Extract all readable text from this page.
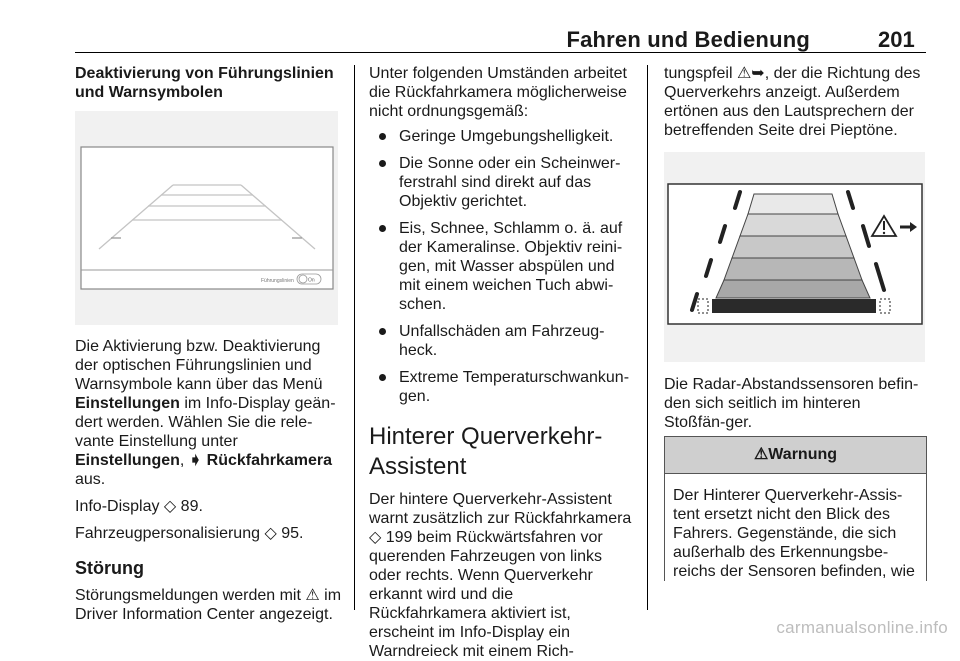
Fahren und Bedienung	201

Deaktivierung von Führungslinien und Warnsymbolen

Führungslinien	On

Die Aktivierung bzw. Deaktivierung der optischen Führungslinien und Warnsymbole kann über das Menü Einstellungen im Info-Display geän-dert werden. Wählen Sie die rele-vante Einstellung unter Einstellungen, ➧ Rückfahrkamera aus.

Info-Display ◇ 89.

Fahrzeugpersonalisierung ◇ 95.

Störung

Störungsmeldungen werden mit ⚠ im Driver Information Center angezeigt.

Unter folgenden Umständen arbeitet die Rückfahrkamera möglicherweise nicht ordnungsgemäß:

Geringe Umgebungshelligkeit.
Die Sonne oder ein Scheinwer-ferstrahl sind direkt auf das Objektiv gerichtet.
Eis, Schnee, Schlamm o. ä. auf der Kameralinse. Objektiv reini-gen, mit Wasser abspülen und mit einem weichen Tuch abwi-schen.
Unfallschäden am Fahrzeug-heck.
Extreme Temperaturschwankun-gen.

Hinterer Querverkehr-Assistent

Der hintere Querverkehr-Assistent warnt zusätzlich zur Rückfahrkamera ◇ 199 beim Rückwärtsfahren vor querenden Fahrzeugen von links oder rechts. Wenn Querverkehr erkannt wird und die Rückfahrkamera aktiviert ist, erscheint im Info-Display ein Warndreieck mit einem Rich-

tungspfeil ⚠➥, der die Richtung des Querverkehrs anzeigt. Außerdem ertönen aus den Lautsprechern der betreffenden Seite drei Pieptöne.

Die Radar-Abstandssensoren befin-den sich seitlich im hinteren Stoßfän-ger.

⚠Warnung
Der Hinterer Querverkehr-Assis-tent ersetzt nicht den Blick des Fahrers. Gegenstände, die sich außerhalb des Erkennungsbe-reichs der Sensoren befinden, wie
carmanualsonline.info
